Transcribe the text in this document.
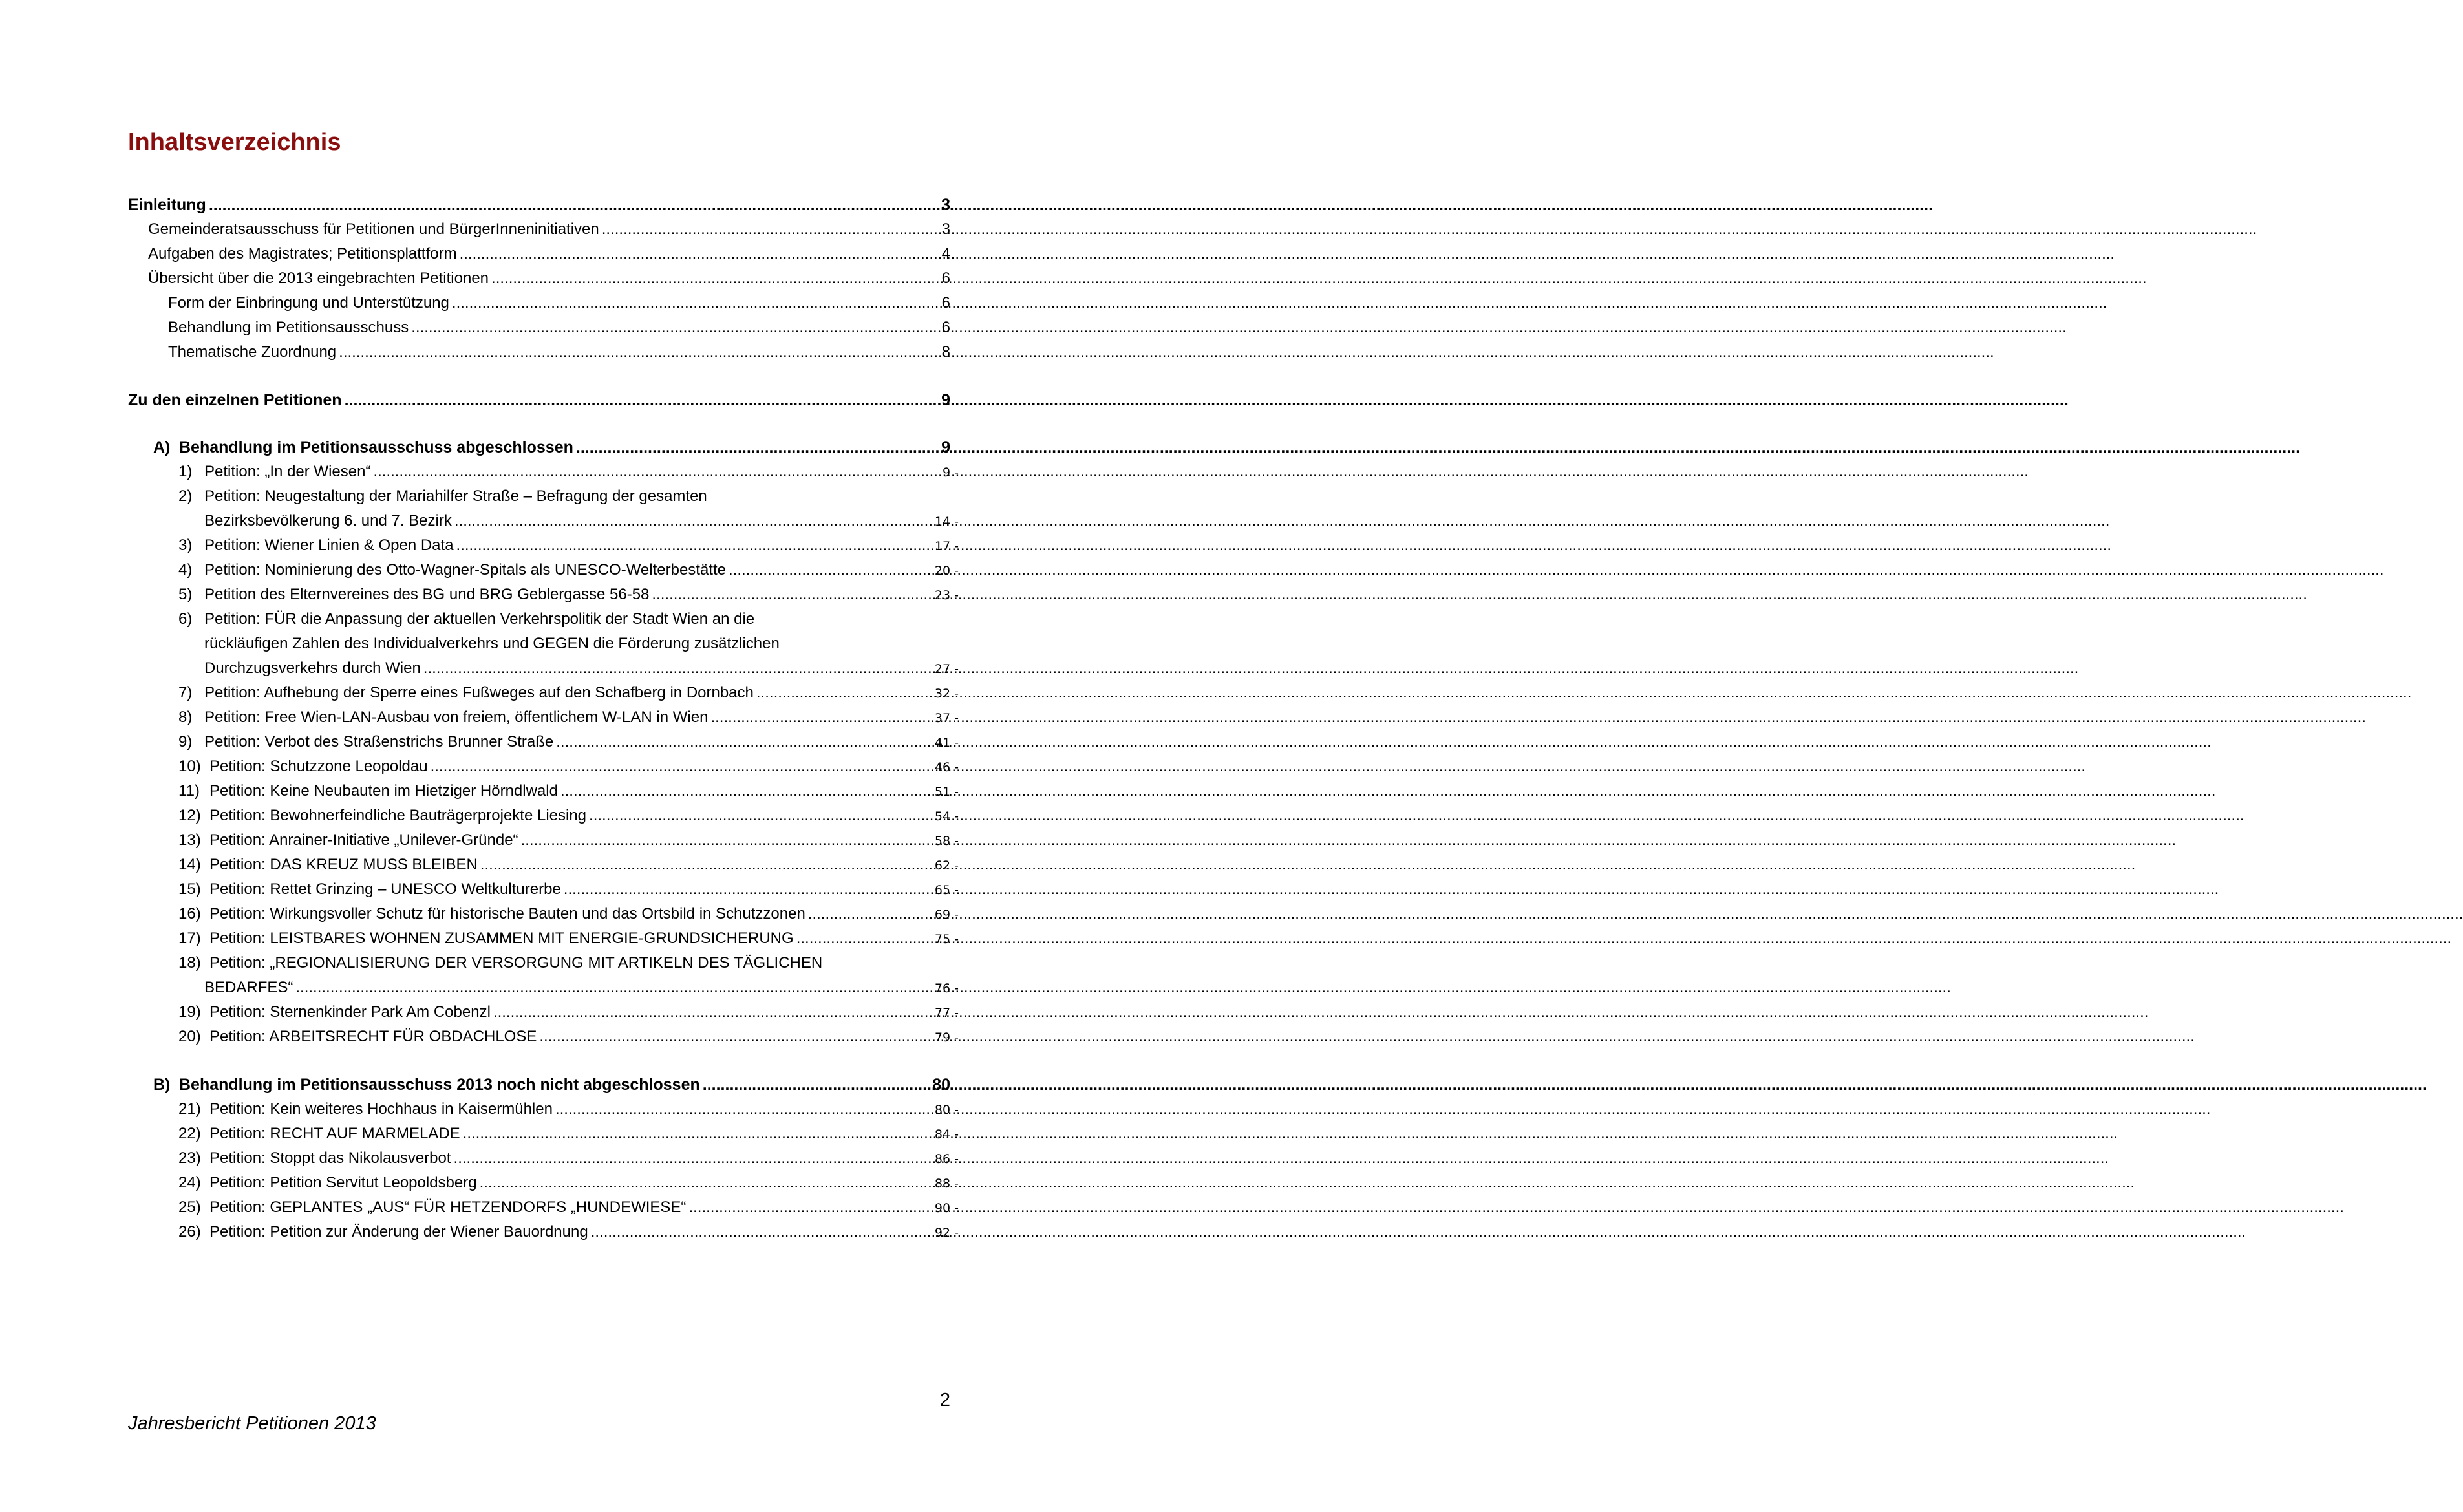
Inhaltsverzeichnis
Einleitung .....	3
Gemeinderatsausschuss für Petitionen und BürgerInneninitiativen .....	3
Aufgaben des Magistrates; Petitionsplattform .....	4
Übersicht über die 2013 eingebrachten Petitionen .....	6
Form der Einbringung und Unterstützung .....	6
Behandlung im Petitionsausschuss .....	6
Thematische Zuordnung .....	8
Zu den einzelnen Petitionen .....	9
A) Behandlung im Petitionsausschuss abgeschlossen .....	9
1) Petition: „In der Wiesen“ .....	9 -
2) Petition: Neugestaltung der Mariahilfer Straße – Befragung der gesamten
Bezirksbevölkerung 6. und 7. Bezirk .....	14 -
3) Petition: Wiener Linien & Open Data .....	17 -
4) Petition: Nominierung des Otto-Wagner-Spitals als UNESCO-Welterbestätte .....	20 -
5) Petition des Elternvereines des BG und BRG Geblergasse 56-58 .....	23 -
6) Petition: FÜR die Anpassung der aktuellen Verkehrspolitik der Stadt Wien an die
rückläufigen Zahlen des Individualverkehrs und GEGEN die Förderung zusätzlichen
Durchzugsverkehrs durch Wien .....	27 -
7) Petition: Aufhebung der Sperre eines Fußweges auf den Schafberg in Dornbach .....	32 -
8) Petition: Free Wien-LAN-Ausbau von freiem, öffentlichem W-LAN in Wien .....	37 -
9) Petition: Verbot des Straßenstrichs Brunner Straße .....	41 -
10) Petition: Schutzzone Leopoldau .....	46 -
11) Petition: Keine Neubauten im Hietziger Hörndlwald .....	51 -
12) Petition: Bewohnerfeindliche Bauträgerprojekte Liesing .....	54 -
13) Petition: Anrainer-Initiative „Unilever-Gründe“ .....	58 -
14) Petition: DAS KREUZ MUSS BLEIBEN .....	62 -
15) Petition: Rettet Grinzing – UNESCO Weltkulturerbe .....	65 -
16) Petition: Wirkungsvoller Schutz für historische Bauten und das Ortsbild in Schutzzonen .....	69 -
17) Petition: LEISTBARES WOHNEN ZUSAMMEN MIT ENERGIE-GRUNDSICHERUNG .....	75 -
18) Petition: „REGIONALISIERUNG DER VERSORGUNG MIT ARTIKELN DES TÄGLICHEN
BEDARFES“ .....	76 -
19) Petition: Sternenkinder Park Am Cobenzl .....	77 -
20) Petition: ARBEITSRECHT FÜR OBDACHLOSE .....	79 -
B) Behandlung im Petitionsausschuss 2013 noch nicht abgeschlossen .....	80
21) Petition: Kein weiteres Hochhaus in Kaisermühlen .....	80 -
22) Petition: RECHT AUF MARMELADE .....	84 -
23) Petition: Stoppt das Nikolausverbot .....	86 -
24) Petition: Petition Servitut Leopoldsberg .....	88 -
25) Petition: GEPLANTES „AUS“ FÜR HETZENDORFS „HUNDEWIESE“ .....	90 -
26) Petition: Petition zur Änderung der Wiener Bauordnung .....	92 -

2

Jahresbericht Petitionen 2013
